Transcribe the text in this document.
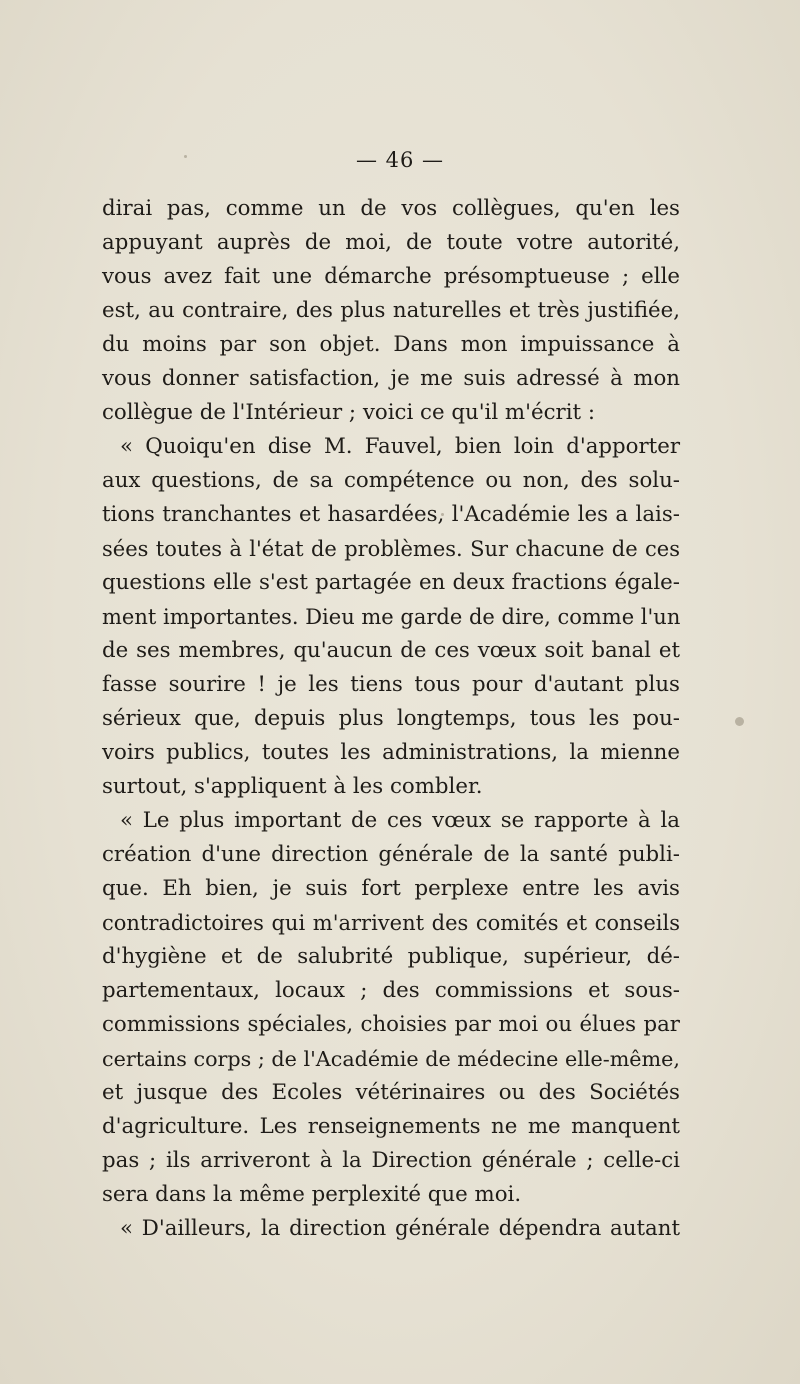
— 46 —
dirai pas, comme un de vos collègues, qu'en les
appuyant auprès de moi, de toute votre autorité,
vous avez fait une démarche présomptueuse ; elle
est, au contraire, des plus naturelles et très justifiée,
du moins par son objet. Dans mon impuissance à
vous donner satisfaction, je me suis adressé à mon
collègue de l'Intérieur ; voici ce qu'il m'écrit :
« Quoiqu'en dise M. Fauvel, bien loin d'apporter
aux questions, de sa compétence ou non, des solu-
tions tranchantes et hasardées, l'Académie les a lais-
sées toutes à l'état de problèmes. Sur chacune de ces
questions elle s'est partagée en deux fractions égale-
ment importantes. Dieu me garde de dire, comme l'un
de ses membres, qu'aucun de ces vœux soit banal et
fasse sourire ! je les tiens tous pour d'autant plus
sérieux que, depuis plus longtemps, tous les pou-
voirs publics, toutes les administrations, la mienne
surtout, s'appliquent à les combler.
« Le plus important de ces vœux se rapporte à la
création d'une direction générale de la santé publi-
que. Eh bien, je suis fort perplexe entre les avis
contradictoires qui m'arrivent des comités et conseils
d'hygiène et de salubrité publique, supérieur, dé-
partementaux, locaux ; des commissions et sous-
commissions spéciales, choisies par moi ou élues par
certains corps ; de l'Académie de médecine elle-même,
et jusque des Ecoles vétérinaires ou des Sociétés
d'agriculture. Les renseignements ne me manquent
pas ; ils arriveront à la Direction générale ; celle-ci
sera dans la même perplexité que moi.
« D'ailleurs, la direction générale dépendra autant
